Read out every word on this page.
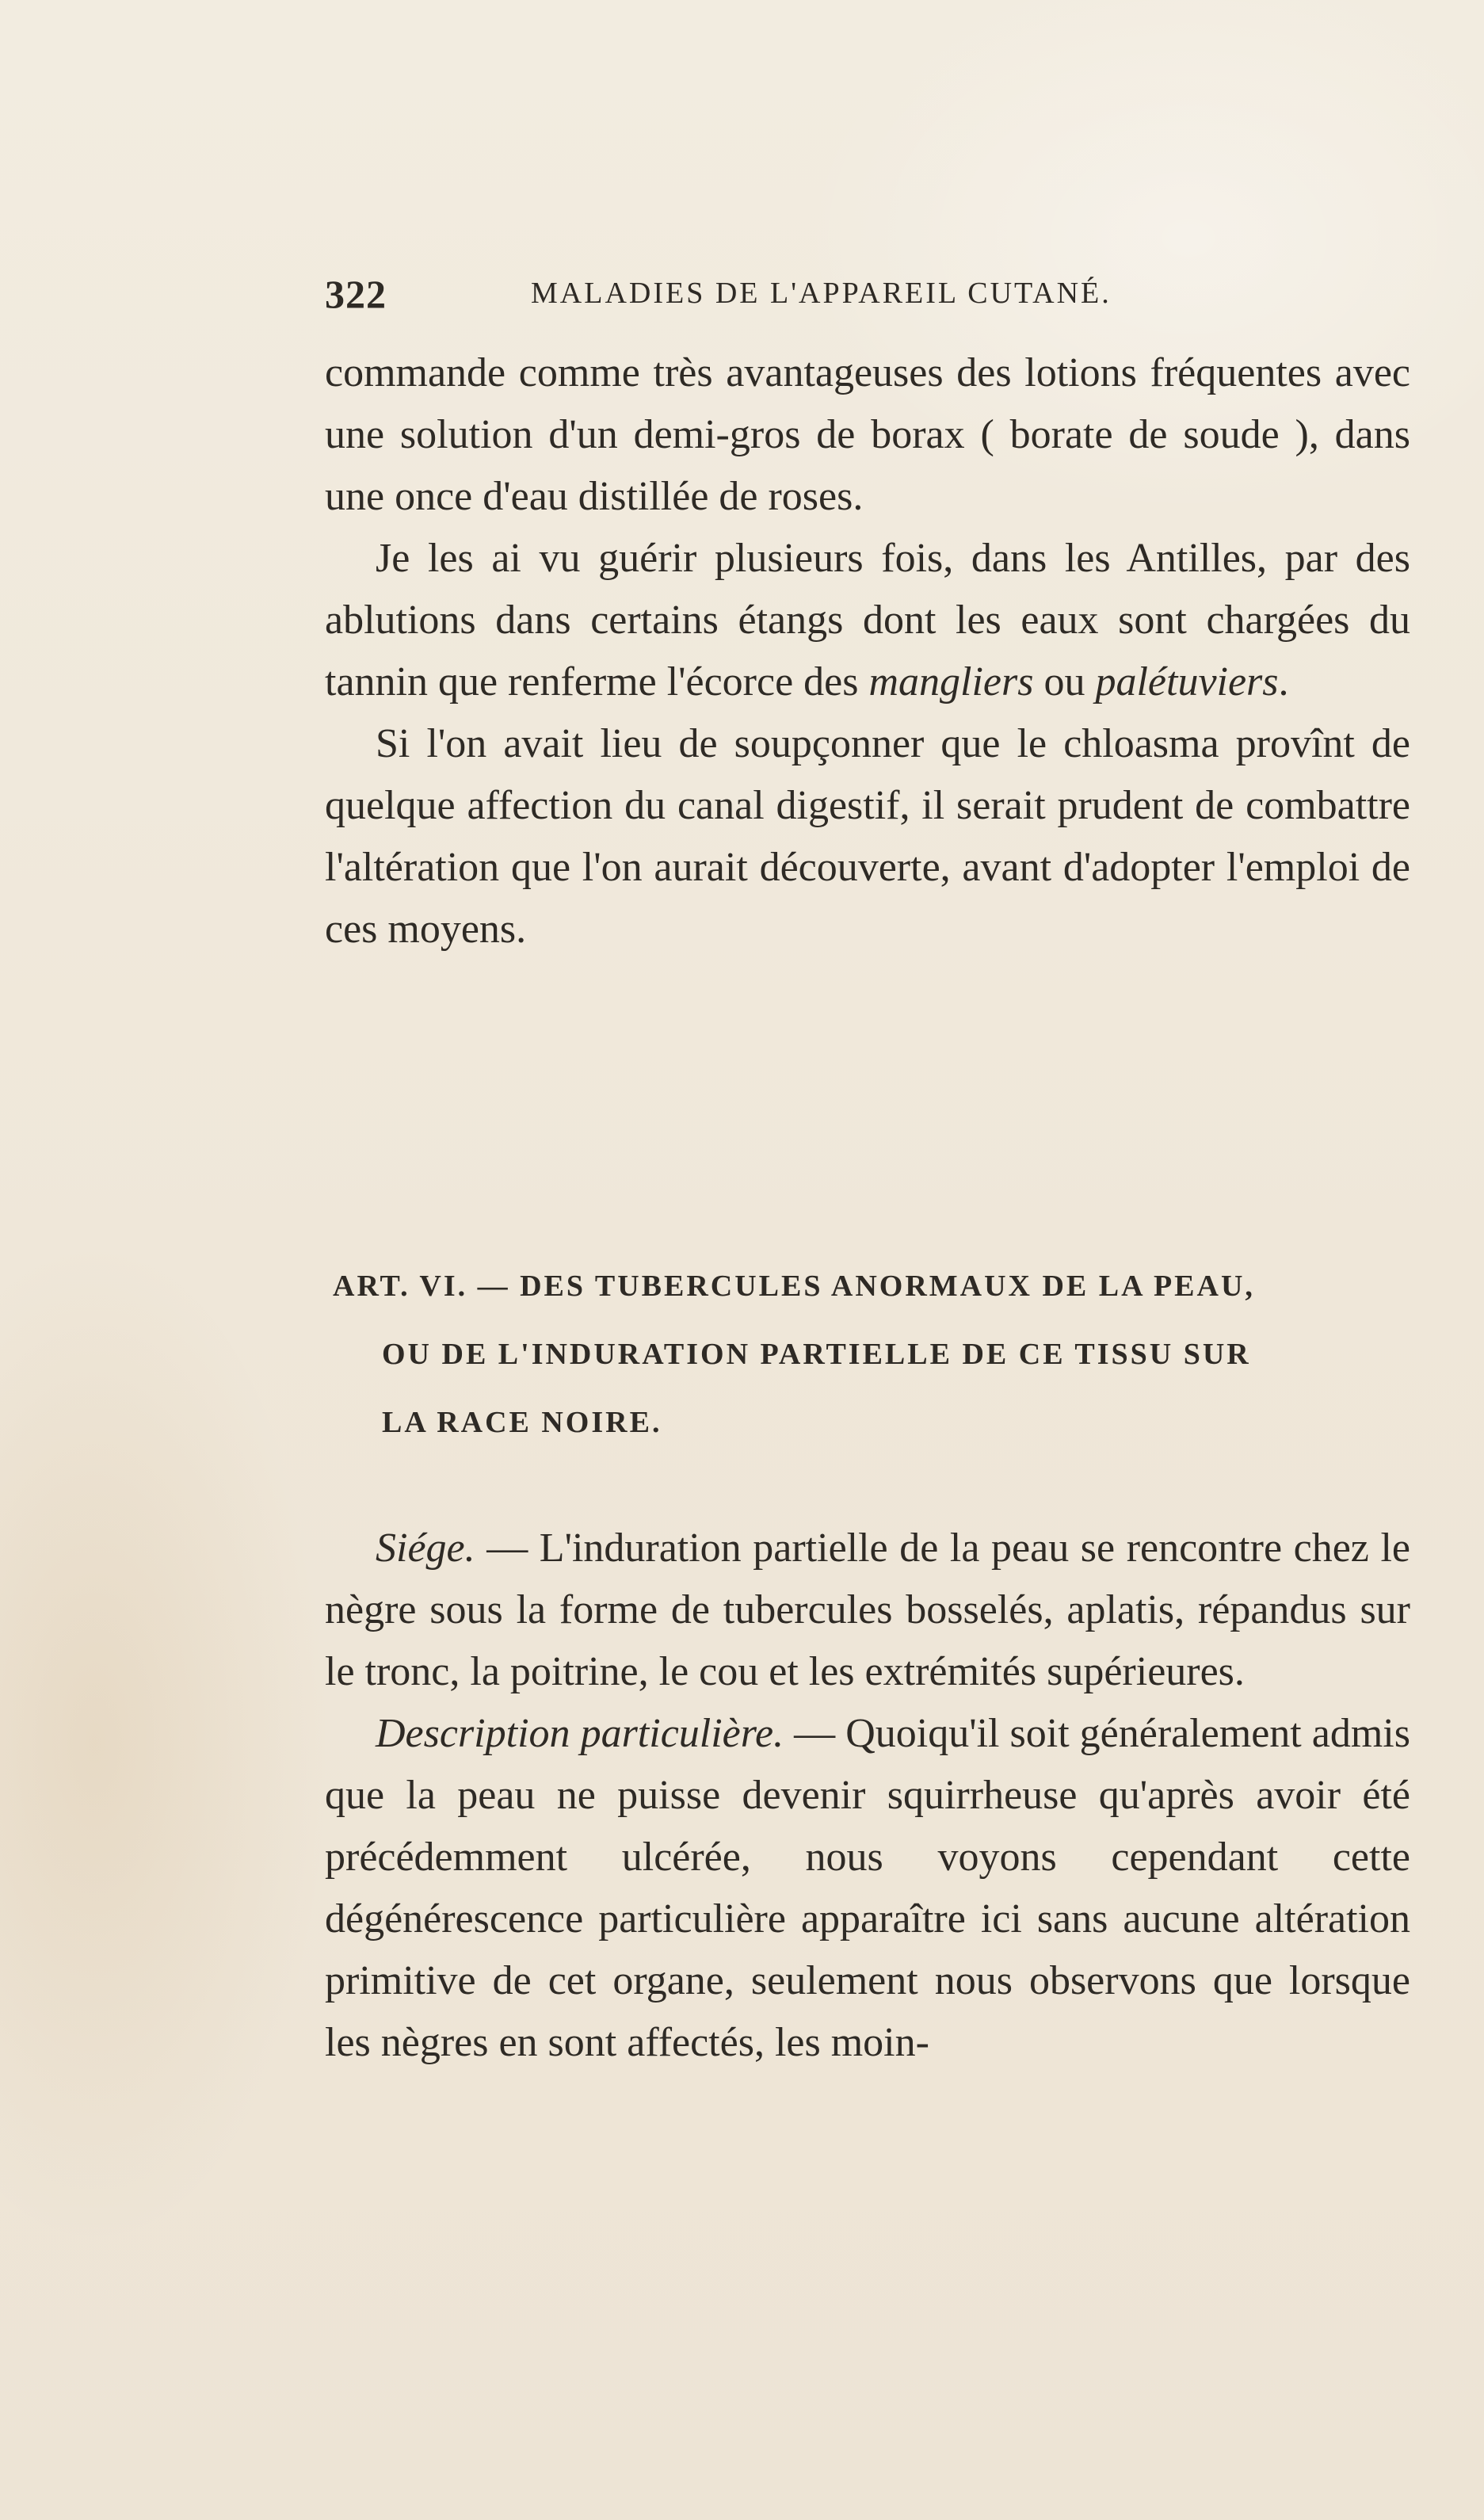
322	MALADIES DE L'APPAREIL CUTANÉ.

commande comme très avantageuses des lotions fréquentes avec une solution d'un demi-gros de borax ( borate de soude ), dans une once d'eau distillée de roses.

Je les ai vu guérir plusieurs fois, dans les Antilles, par des ablutions dans certains étangs dont les eaux sont chargées du tannin que renferme l'écorce des mangliers ou palétuviers.

Si l'on avait lieu de soupçonner que le chloasma provînt de quelque affection du canal digestif, il serait prudent de combattre l'altération que l'on aurait découverte, avant d'adopter l'emploi de ces moyens.

ART. VI. — DES TUBERCULES ANORMAUX DE LA PEAU,
OU DE L'INDURATION PARTIELLE DE CE TISSU SUR
LA RACE NOIRE.

Siége. — L'induration partielle de la peau se rencontre chez le nègre sous la forme de tubercules bosselés, aplatis, répandus sur le tronc, la poitrine, le cou et les extrémités supérieures.

Description particulière. — Quoiqu'il soit généralement admis que la peau ne puisse devenir squirrheuse qu'après avoir été précédemment ulcérée, nous voyons cependant cette dégénérescence particulière apparaître ici sans aucune altération primitive de cet organe, seulement nous observons que lorsque les nègres en sont affectés, les moin-
